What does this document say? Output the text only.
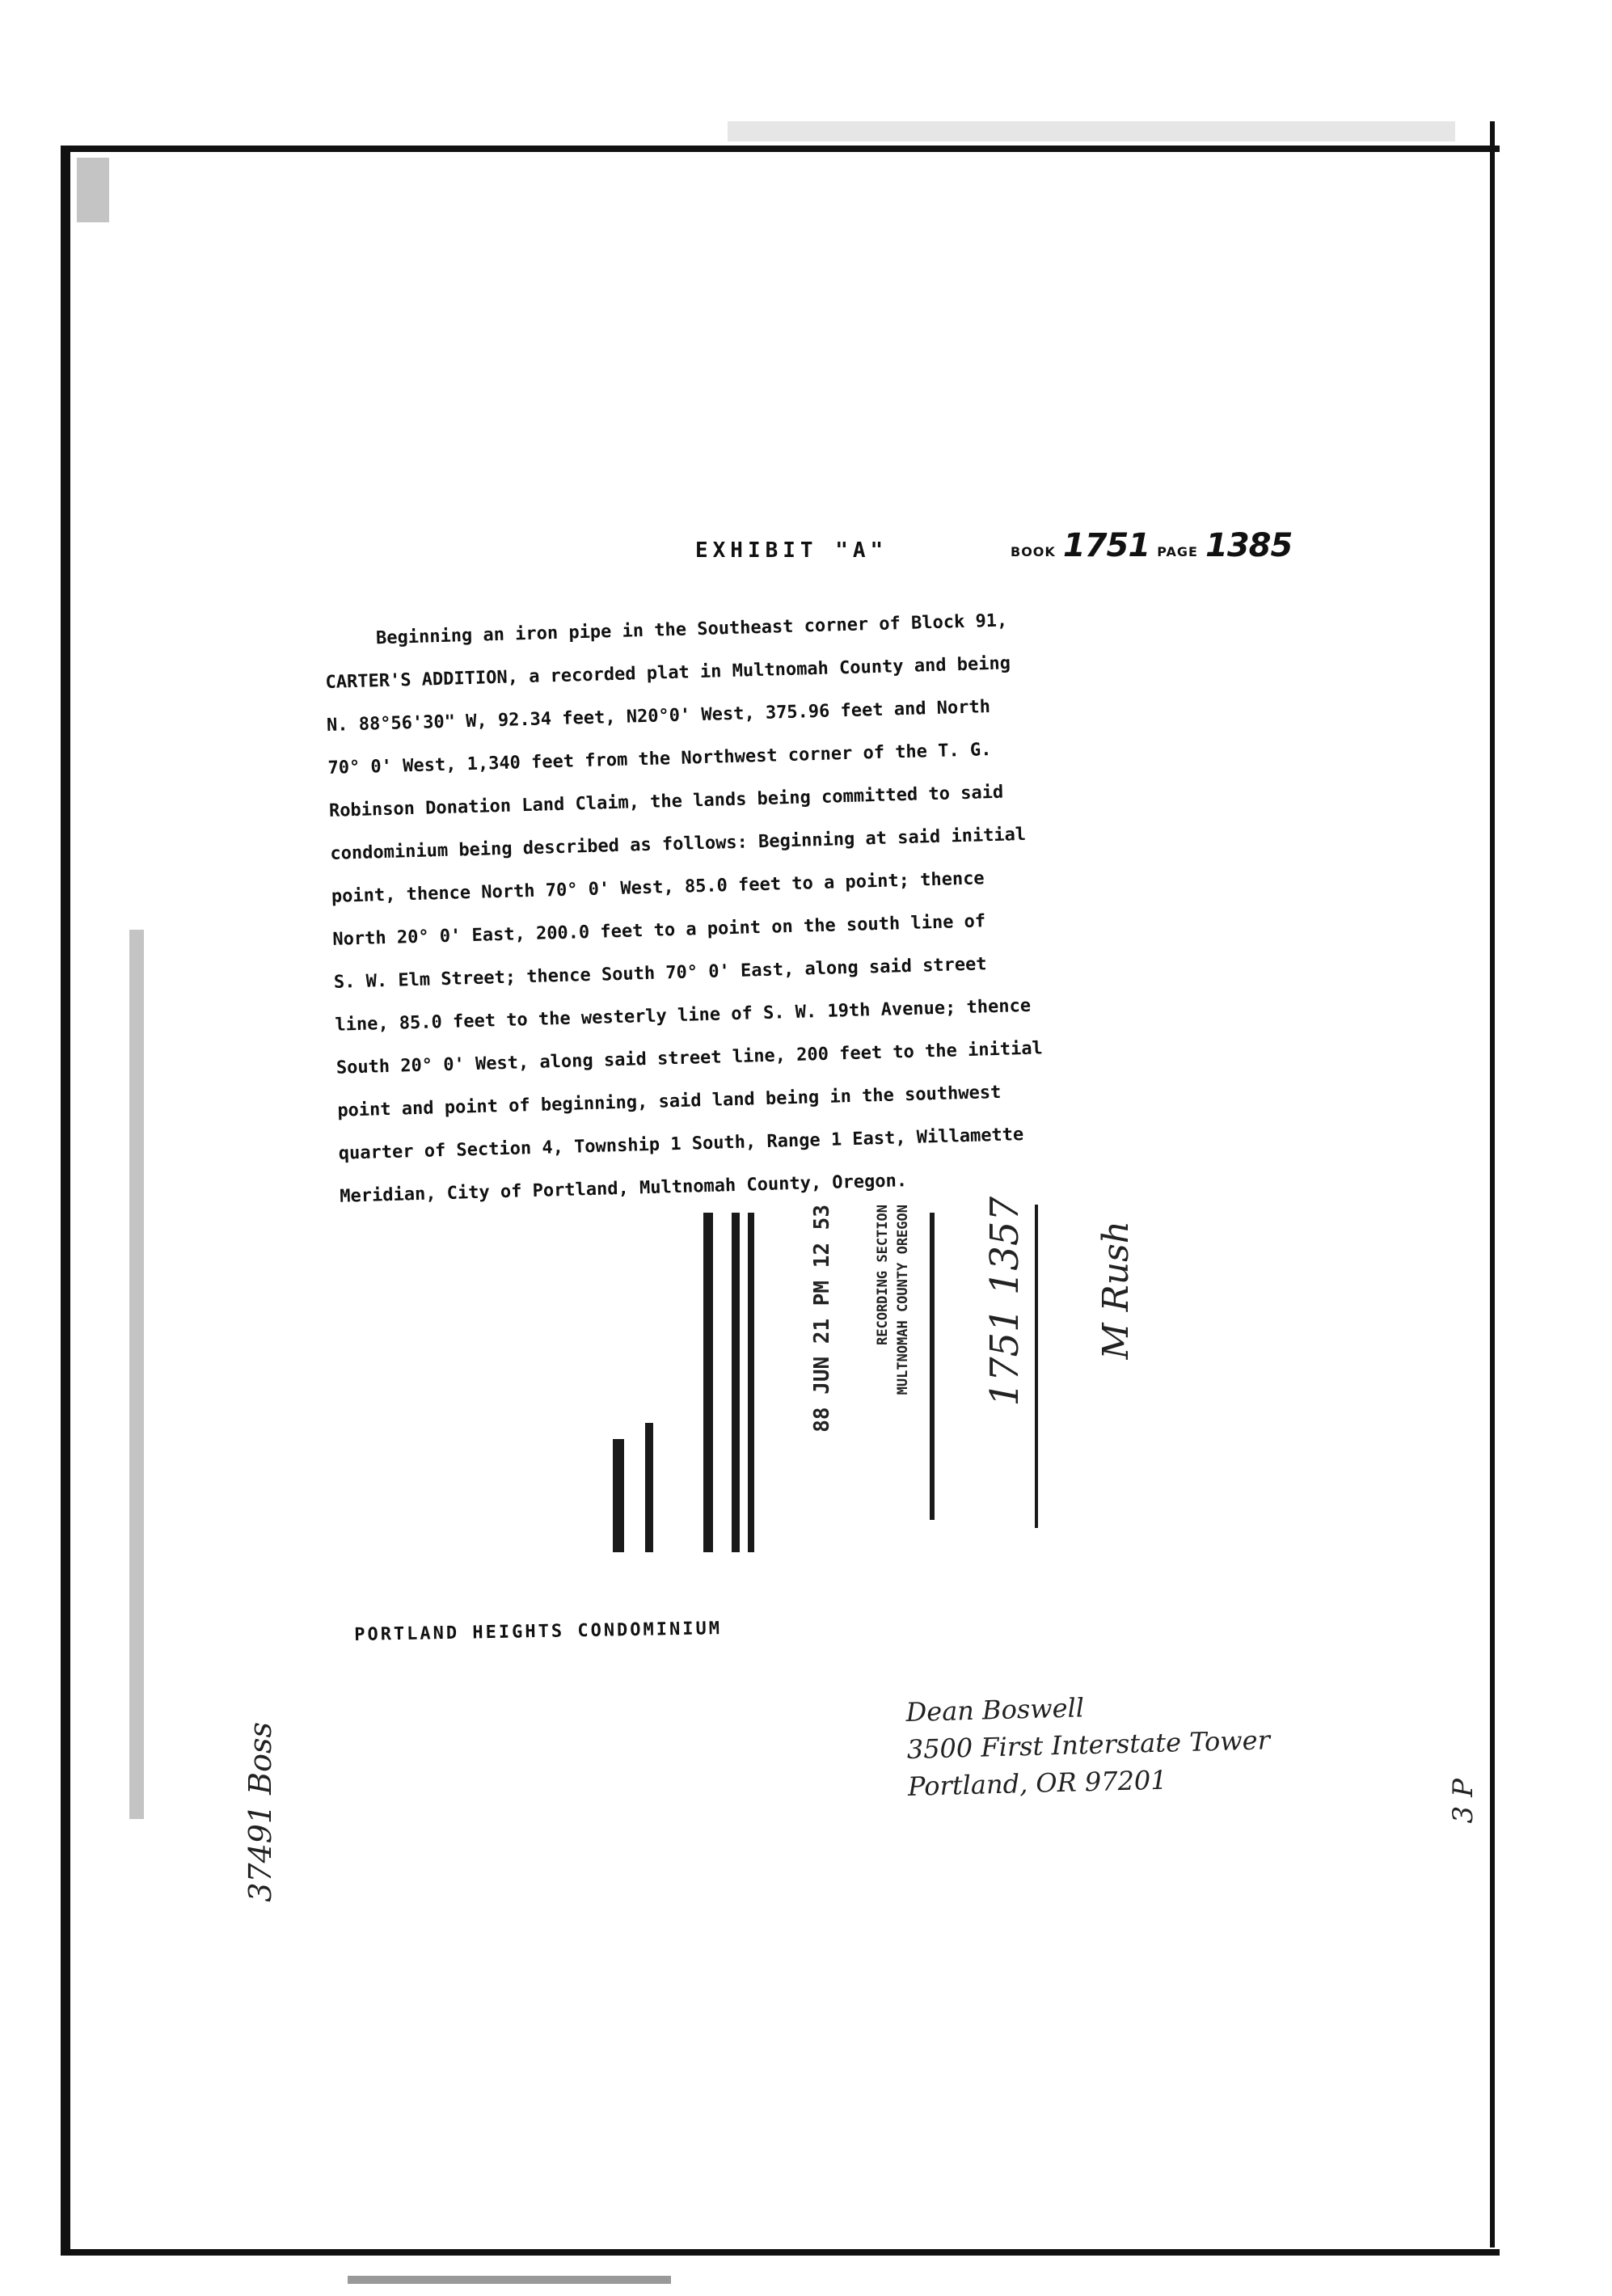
EXHIBIT "A"	BOOK 1751 PAGE 1385

Beginning an iron pipe in the Southeast corner of Block 91,

CARTER'S ADDITION, a recorded plat in Multnomah County and being

N. 88°56'30" W, 92.34 feet, N20°0' West, 375.96 feet and North

70° 0' West, 1,340 feet from the Northwest corner of the T. G.

Robinson Donation Land Claim, the lands being committed to said

condominium being described as follows: Beginning at said initial

point, thence North 70° 0' West, 85.0 feet to a point; thence

North 20° 0' East, 200.0 feet to a point on the south line of

S. W. Elm Street; thence South 70° 0' East, along said street

line, 85.0 feet to the westerly line of S. W. 19th Avenue; thence

South 20° 0' West, along said street line, 200 feet to the initial

point and point of beginning, said land being in the southwest

quarter of Section 4, Township 1 South, Range 1 East, Willamette

Meridian, City of Portland, Multnomah County, Oregon.

88 JUN 21 PM 12 53	RECORDING SECTION MULTNOMAH COUNTY OREGON 1751 1357 M Rush
PORTLAND HEIGHTS CONDOMINIUM
Dean Boswell
3500 First Interstate Tower
Portland, OR 97201
37491 Boss	3 P
